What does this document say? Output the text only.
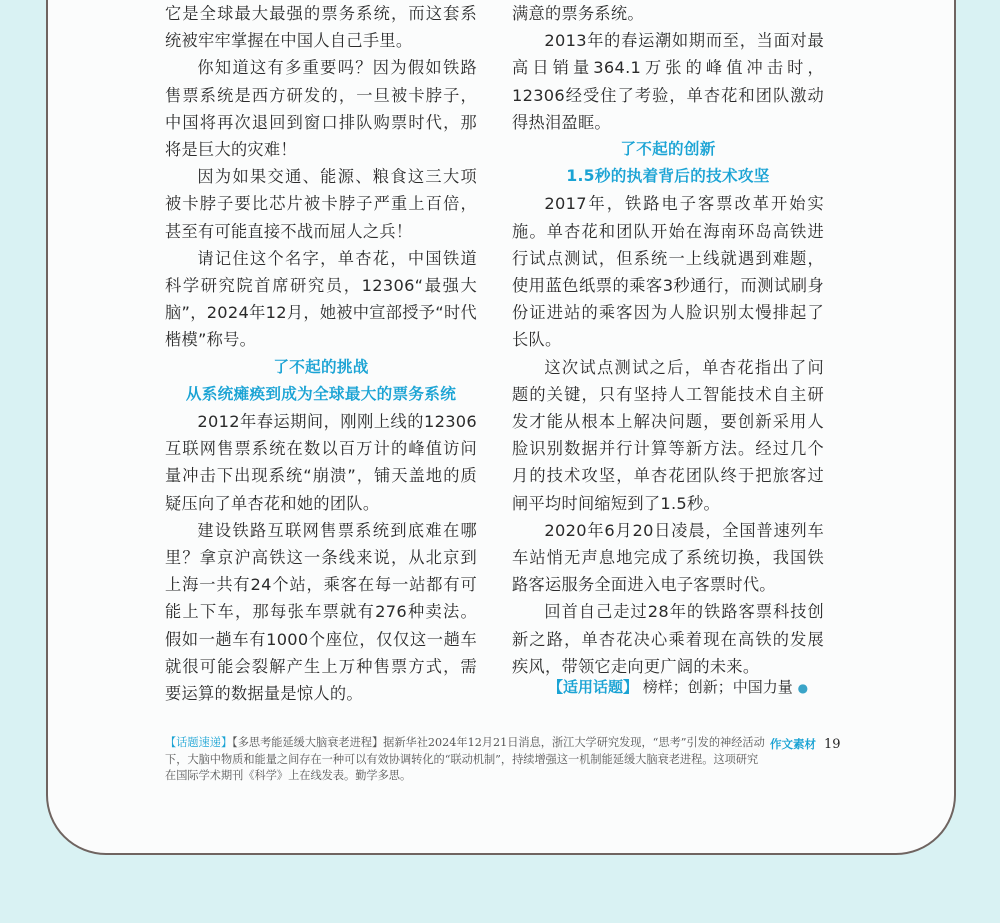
它是全球最大最强的票务系统，而这套系统被牢牢掌握在中国人自己手里。

你知道这有多重要吗？因为假如铁路售票系统是西方研发的，一旦被卡脖子，中国将再次退回到窗口排队购票时代，那将是巨大的灾难！

因为如果交通、能源、粮食这三大项被卡脖子要比芯片被卡脖子严重上百倍，甚至有可能直接不战而屈人之兵！

请记住这个名字，单杏花，中国铁道科学研究院首席研究员，12306“最强大脑”，2024年12月，她被中宣部授予“时代楷模”称号。

了不起的挑战
从系统瘫痪到成为全球最大的票务系统

2012年春运期间，刚刚上线的12306互联网售票系统在数以百万计的峰值访问量冲击下出现系统“崩溃”，铺天盖地的质疑压向了单杏花和她的团队。

建设铁路互联网售票系统到底难在哪里？拿京沪高铁这一条线来说，从北京到上海一共有24个站，乘客在每一站都有可能上下车，那每张车票就有276种卖法。假如一趟车有1000个座位，仅仅这一趟车就很可能会裂解产生上万种售票方式，需要运算的数据量是惊人的。

满意的票务系统。

2013年的春运潮如期而至，当面对最高日销量364.1万张的峰值冲击时，12306经受住了考验，单杏花和团队激动得热泪盈眶。

了不起的创新
1.5秒的执着背后的技术攻坚

2017年，铁路电子客票改革开始实施。单杏花和团队开始在海南环岛高铁进行试点测试，但系统一上线就遇到难题，使用蓝色纸票的乘客3秒通行，而测试刷身份证进站的乘客因为人脸识别太慢排起了长队。

这次试点测试之后，单杏花指出了问题的关键，只有坚持人工智能技术自主研发才能从根本上解决问题，要创新采用人脸识别数据并行计算等新方法。经过几个月的技术攻坚，单杏花团队终于把旅客过闸平均时间缩短到了1.5秒。

2020年6月20日凌晨，全国普速列车车站悄无声息地完成了系统切换，我国铁路客运服务全面进入电子客票时代。

回首自己走过28年的铁路客票科技创新之路，单杏花决心乘着现在高铁的发展疾风，带领它走向更广阔的未来。

【适用话题】 榜样；创新；中国力量 ●
【话题速递】【多思考能延缓大脑衰老进程】据新华社2024年12月21日消息，浙江大学研究发现，“思考”引发的神经活动下，大脑中物质和能量之间存在一种可以有效协调转化的“联动机制”，持续增强这一机制能延缓大脑衰老进程。这项研究在国际学术期刊《科学》上在线发表。勤学多思。
作文素材 19
